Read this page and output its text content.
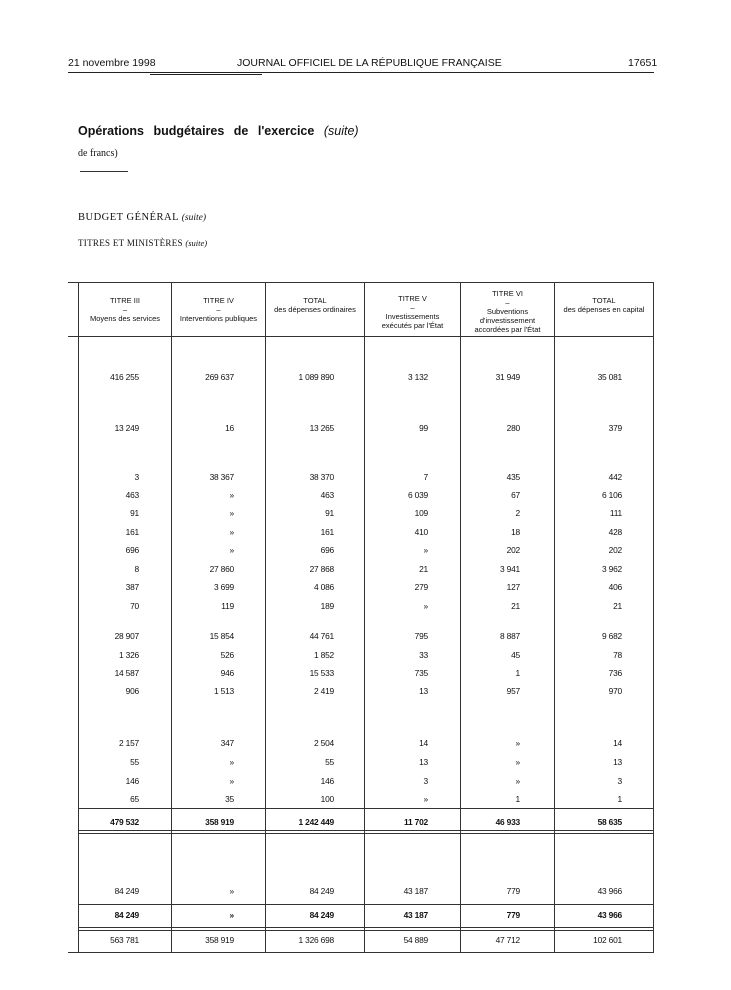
21 novembre 1998	JOURNAL OFFICIEL DE LA RÉPUBLIQUE FRANÇAISE	17651
Opérations budgétaires de l'exercice (suite)
de francs)
BUDGET GÉNÉRAL (suite)
TITRES ET MINISTÈRES (suite)
TITRE III
–
Moyens des services
TITRE IV
–
Interventions publiques
TOTAL
des dépenses ordinaires
TITRE V
–
Investissements
exécutés par l'État
TITRE VI
–
Subventions
d'investissement
accordées par l'État
TOTAL
des dépenses en capital
416 255	269 637	1 089 890	3 132	31 949	35 081
13 249	16	13 265	99	280	379
3	38 367	38 370	7	435	442
463	»	463	6 039	67	6 106
91	»	91	109	2	111
161	»	161	410	18	428
696	»	696	»	202	202
8	27 860	27 868	21	3 941	3 962
387	3 699	4 086	279	127	406
70	119	189	»	21	21
28 907	15 854	44 761	795	8 887	9 682
1 326	526	1 852	33	45	78
14 587	946	15 533	735	1	736
906	1 513	2 419	13	957	970
2 157	347	2 504	14	»	14
55	»	55	13	»	13
146	»	146	3	»	3
65	35	100	»	1	1
479 532	358 919	1 242 449	11 702	46 933	58 635
84 249	»	84 249	43 187	779	43 966
84 249	»	84 249	43 187	779	43 966
563 781	358 919	1 326 698	54 889	47 712	102 601
